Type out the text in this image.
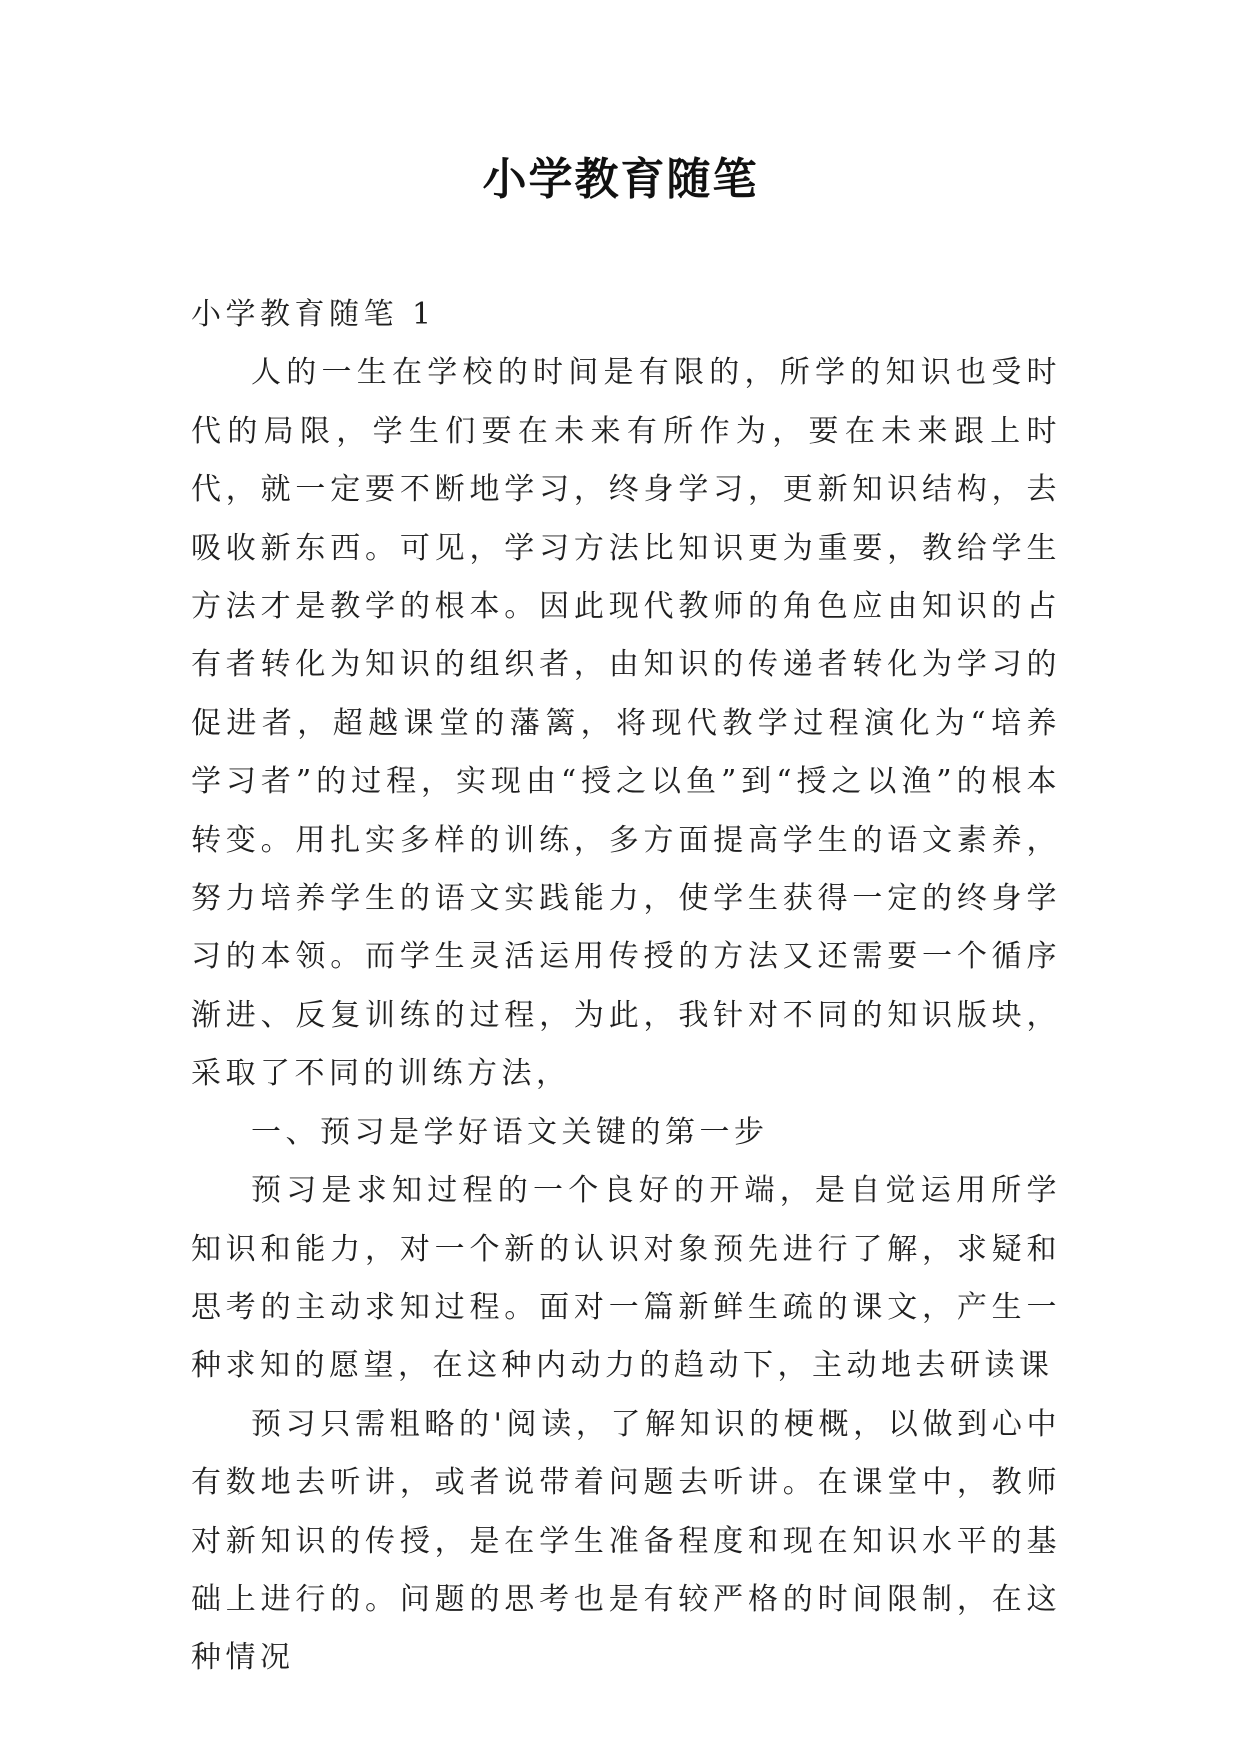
小学教育随笔

小学教育随笔 1

人的一生在学校的时间是有限的，所学的知识也受时代的局限，学生们要在未来有所作为，要在未来跟上时代，就一定要不断地学习，终身学习，更新知识结构，去吸收新东西。可见，学习方法比知识更为重要，教给学生方法才是教学的根本。因此现代教师的角色应由知识的占有者转化为知识的组织者，由知识的传递者转化为学习的促进者，超越课堂的藩篱，将现代教学过程演化为“培养学习者”的过程，实现由“授之以鱼”到“授之以渔”的根本转变。用扎实多样的训练，多方面提高学生的语文素养，努力培养学生的语文实践能力，使学生获得一定的终身学习的本领。而学生灵活运用传授的方法又还需要一个循序渐进、反复训练的过程，为此，我针对不同的知识版块，采取了不同的训练方法，

一、预习是学好语文关键的第一步

预习是求知过程的一个良好的开端，是自觉运用所学知识和能力，对一个新的认识对象预先进行了解，求疑和思考的主动求知过程。面对一篇新鲜生疏的课文，产生一种求知的愿望，在这种内动力的趋动下，主动地去研读课

预习只需粗略的'阅读，了解知识的梗概，以做到心中有数地去听讲，或者说带着问题去听讲。在课堂中，教师对新知识的传授，是在学生准备程度和现在知识水平的基础上进行的。问题的思考也是有较严格的时间限制，在这种情况
